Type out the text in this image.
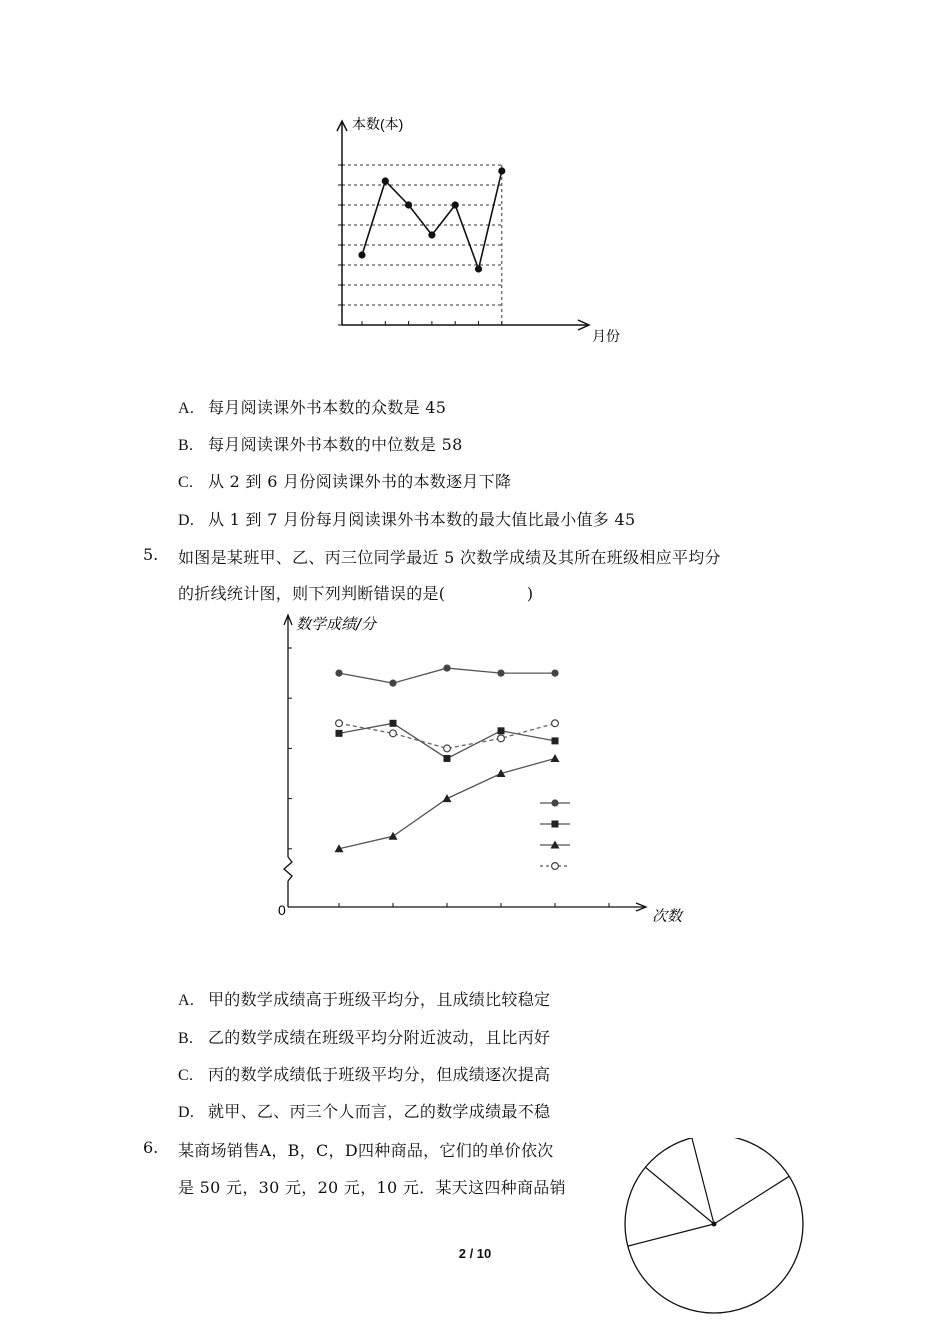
本数(本)
月份
A. 每月阅读课外书本数的众数是 45
B. 每月阅读课外书本数的中位数是 58
C. 从 2 到 6 月份阅读课外书的本数逐月下降
D. 从 1 到 7 月份每月阅读课外书本数的最大值比最小值多 45
5. 如图是某班甲、乙、丙三位同学最近 5 次数学成绩及其所在班级相应平均分
的折线统计图，则下列判断错误的是(　　　　　)
数学成绩/分
次数
0
A. 甲的数学成绩高于班级平均分，且成绩比较稳定
B. 乙的数学成绩在班级平均分附近波动，且比丙好
C. 丙的数学成绩低于班级平均分，但成绩逐次提高
D. 就甲、乙、丙三个人而言，乙的数学成绩最不稳
6. 某商场销售A，B，C，D四种商品，它们的单价依次
是 50 元，30 元，20 元，10 元．某天这四种商品销
2 / 10
